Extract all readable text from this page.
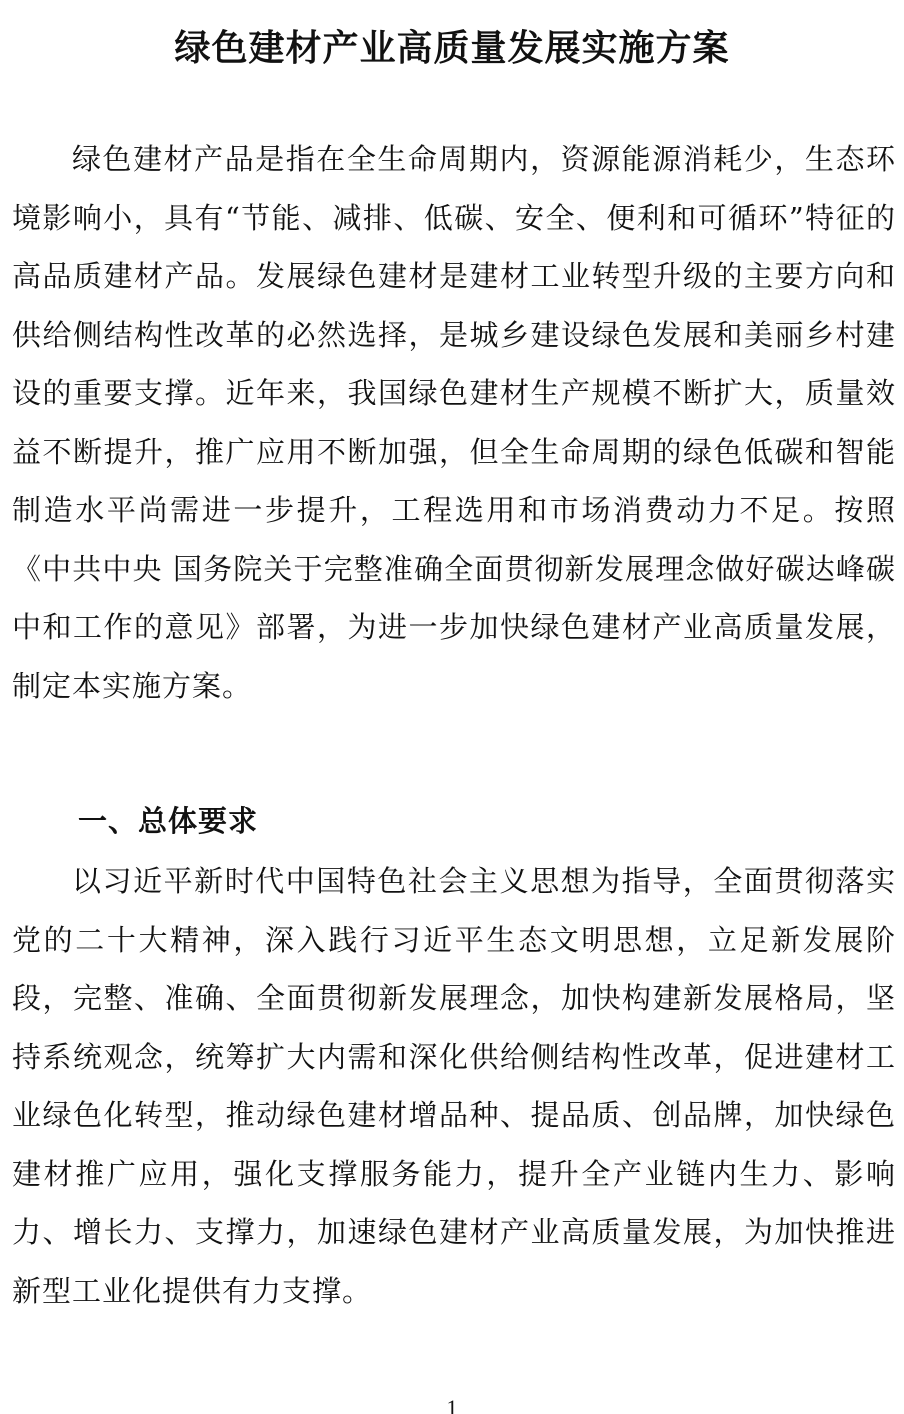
绿色建材产业高质量发展实施方案

绿色建材产品是指在全生命周期内，资源能源消耗少，生态环境影响小，具有“节能、减排、低碳、安全、便利和可循环”特征的高品质建材产品。发展绿色建材是建材工业转型升级的主要方向和供给侧结构性改革的必然选择，是城乡建设绿色发展和美丽乡村建设的重要支撑。近年来，我国绿色建材生产规模不断扩大，质量效益不断提升，推广应用不断加强，但全生命周期的绿色低碳和智能制造水平尚需进一步提升，工程选用和市场消费动力不足。按照《中共中央 国务院关于完整准确全面贯彻新发展理念做好碳达峰碳中和工作的意见》部署，为进一步加快绿色建材产业高质量发展，制定本实施方案。

一、总体要求

以习近平新时代中国特色社会主义思想为指导，全面贯彻落实党的二十大精神，深入践行习近平生态文明思想，立足新发展阶段，完整、准确、全面贯彻新发展理念，加快构建新发展格局，坚持系统观念，统筹扩大内需和深化供给侧结构性改革，促进建材工业绿色化转型，推动绿色建材增品种、提品质、创品牌，加快绿色建材推广应用，强化支撑服务能力，提升全产业链内生力、影响力、增长力、支撑力，加速绿色建材产业高质量发展，为加快推进新型工业化提供有力支撑。

1
